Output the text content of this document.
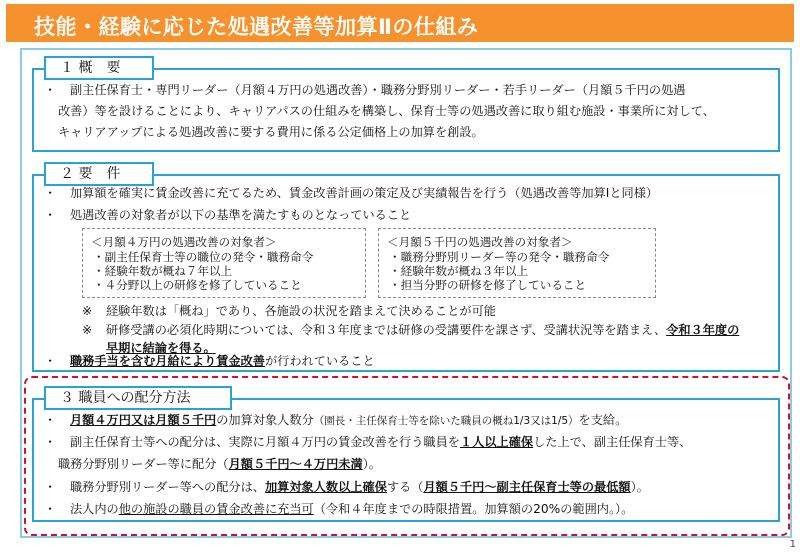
技能・経験に応じた処遇改善等加算Ⅱの仕組み
１ 概　要
・ 副主任保育士・専門リーダー（月額４万円の処遇改善）・職務分野別リーダー・若手リーダー（月額５千円の処遇
改善）等を設けることにより、キャリアパスの仕組みを構築し、保育士等の処遇改善に取り組む施設・事業所に対して、
キャリアアップによる処遇改善に要する費用に係る公定価格上の加算を創設。
２ 要　件
・ 加算額を確実に賃金改善に充てるため、賃金改善計画の策定及び実績報告を行う（処遇改善等加算Ⅰと同様）
・ 処遇改善の対象者が以下の基準を満たすものとなっていること
＜月額４万円の処遇改善の対象者＞
・副主任保育士等の職位の発令・職務命令
・経験年数が概ね７年以上
・４分野以上の研修を修了していること
＜月額５千円の処遇改善の対象者＞
・職務分野別リーダー等の発令・職務命令
・経験年数が概ね３年以上
・担当分野の研修を修了していること
※ 経験年数は「概ね」であり、各施設の状況を踏まえて決めることが可能
※ 研修受講の必須化時期については、令和３年度までは研修の受講要件を課さず、受講状況等を踏まえ、令和３年度の
早期に結論を得る。
・ 職務手当を含む月給により賃金改善が行われていること
３ 職員への配分方法
・ 月額４万円又は月額５千円の加算対象人数分（園長・主任保育士等を除いた職員の概ね1/3又は1/5）を支給。
・ 副主任保育士等への配分は、実際に月額４万円の賃金改善を行う職員を１人以上確保した上で、副主任保育士等、
職務分野別リーダー等に配分（月額５千円～４万円未満）。
・ 職務分野別リーダー等への配分は、加算対象人数以上確保する（月額５千円～副主任保育士等の最低額）。
・ 法人内の他の施設の職員の賃金改善に充当可（令和４年度までの時限措置。加算額の20%の範囲内。）。
1
